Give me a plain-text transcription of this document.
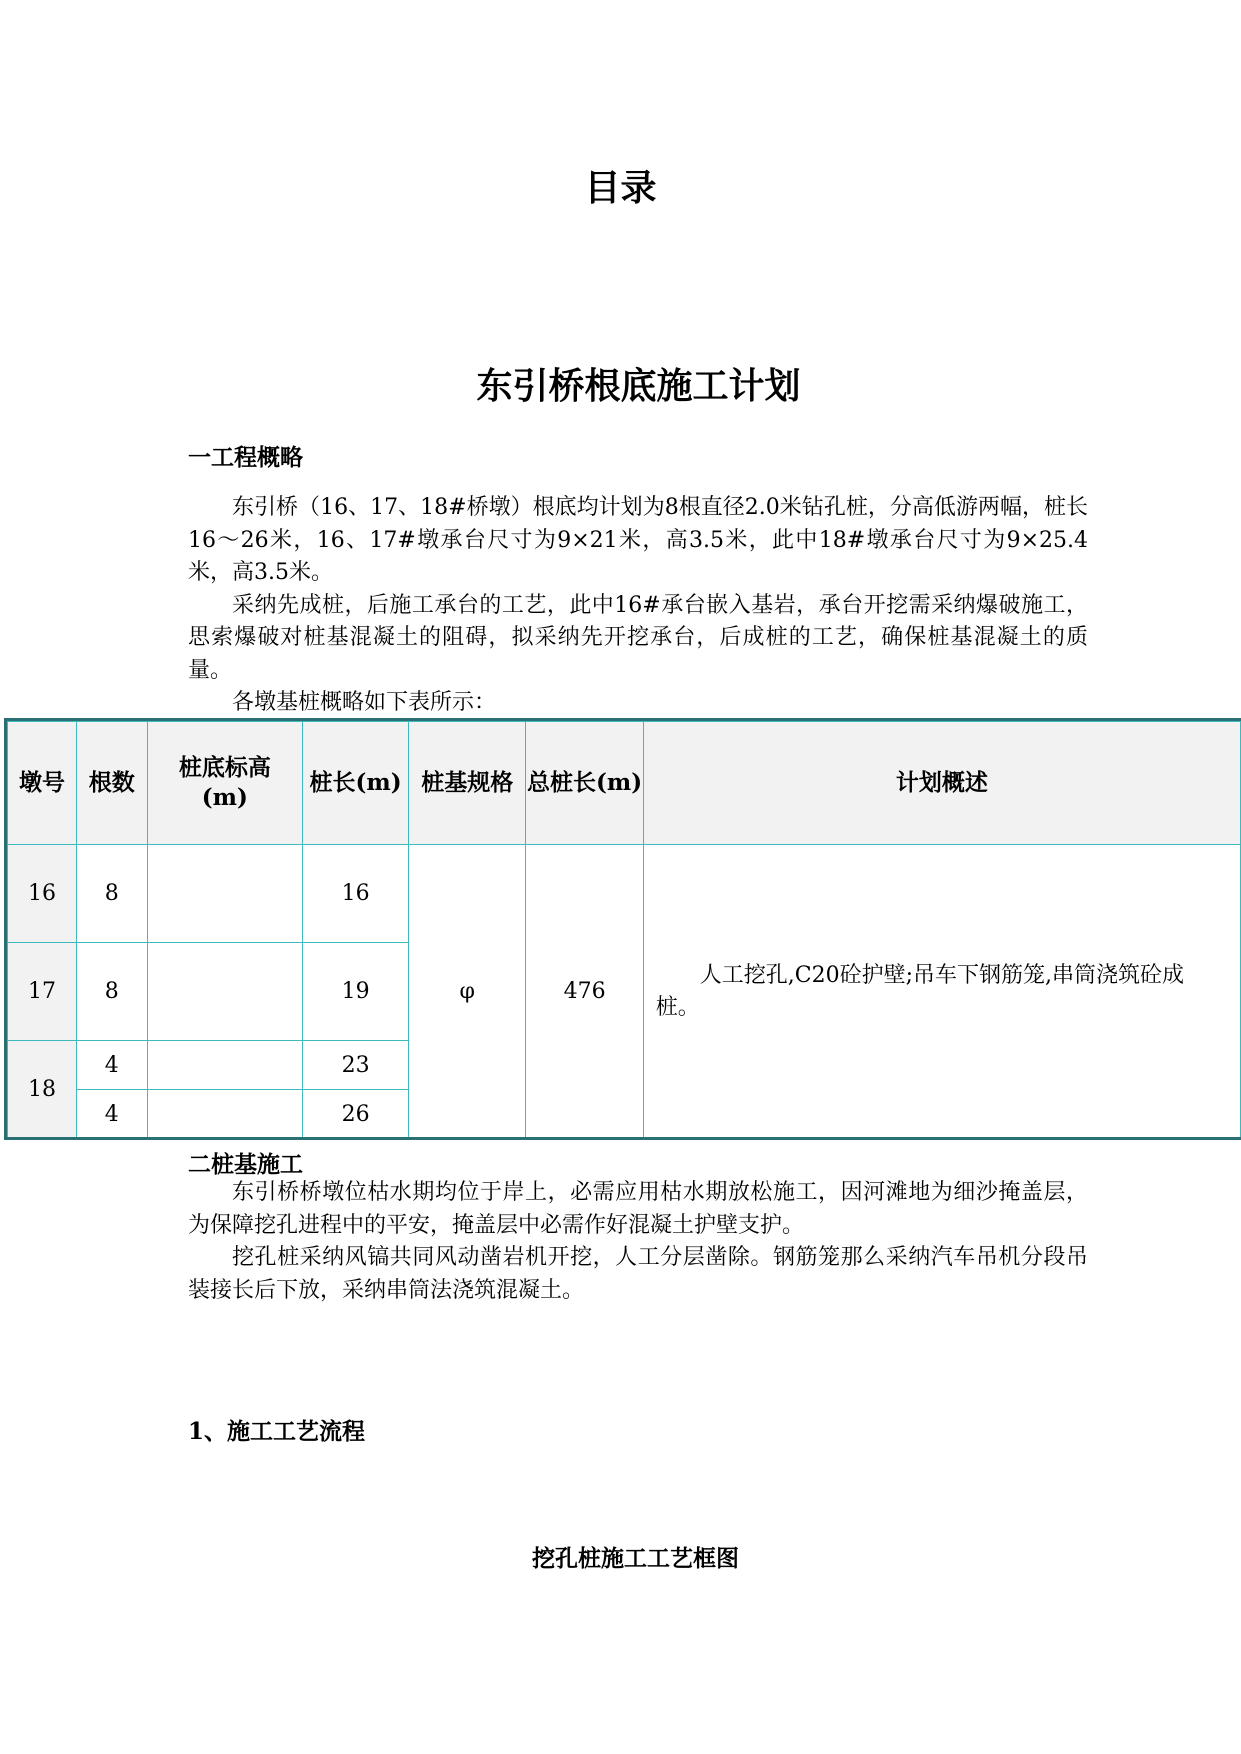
目录
东引桥根底施工计划
一工程概略

东引桥（16、17、18#桥墩）根底均计划为8根直径2.0米钻孔桩，分高低游两幅，桩长16～26米，16、17#墩承台尺寸为9×21米，高3.5米，此中18#墩承台尺寸为9×25.4米，高3.5米。

采纳先成桩，后施工承台的工艺，此中16#承台嵌入基岩，承台开挖需采纳爆破施工，思索爆破对桩基混凝土的阻碍，拟采纳先开挖承台，后成桩的工艺，确保桩基混凝土的质量。

各墩基桩概略如下表所示：

墩号	根数	桩底标高(m)	桩长(m)	桩基规格	总桩长(m)	计划概述
16	8		16	φ	476	人工挖孔,C20砼护壁;吊车下钢筋笼,串筒浇筑砼成
桩。

17	8		19			
18	4		23			
	4		26			
二桩基施工

东引桥桥墩位枯水期均位于岸上，必需应用枯水期放松施工，因河滩地为细沙掩盖层，为保障挖孔进程中的平安，掩盖层中必需作好混凝土护壁支护。

挖孔桩采纳风镐共同风动凿岩机开挖，人工分层凿除。钢筋笼那么采纳汽车吊机分段吊装接长后下放，采纳串筒法浇筑混凝土。

1、施工工艺流程
挖孔桩施工工艺框图
